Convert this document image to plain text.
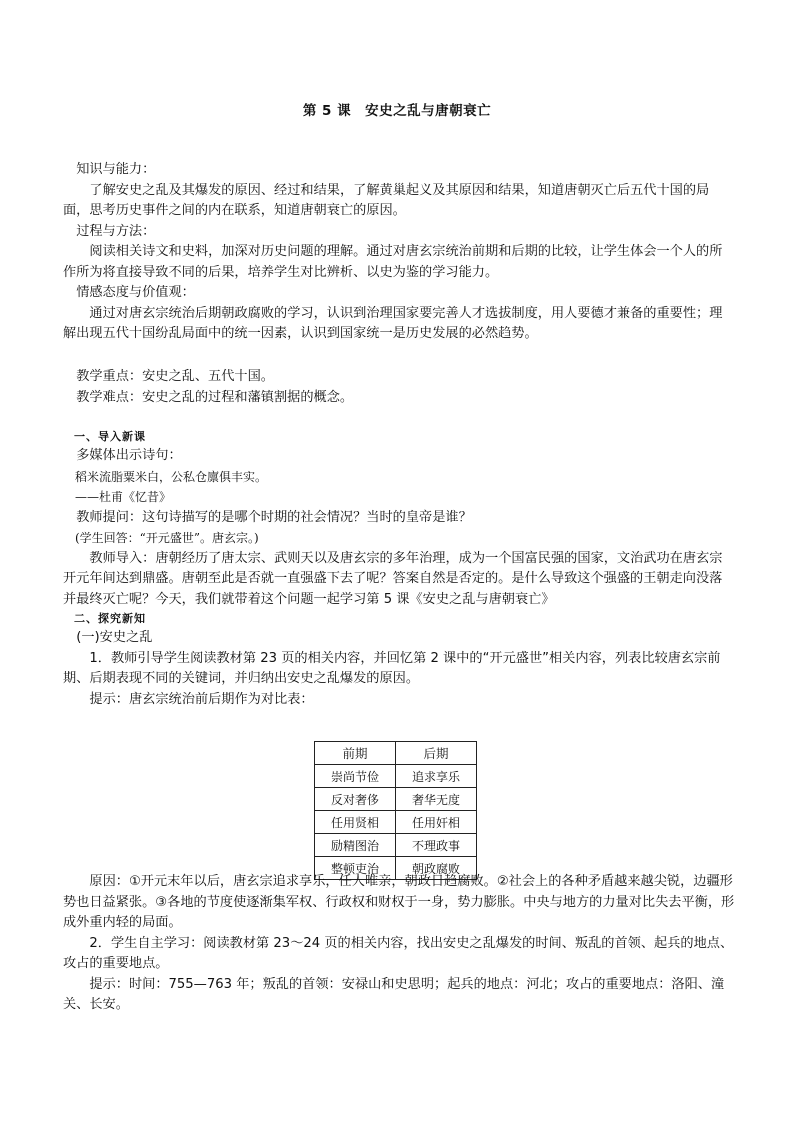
第 5 课　安史之乱与唐朝衰亡

知识与能力：

了解安史之乱及其爆发的原因、经过和结果，了解黄巢起义及其原因和结果，知道唐朝灭亡后五代十国的局面，思考历史事件之间的内在联系，知道唐朝衰亡的原因。

过程与方法：

阅读相关诗文和史料，加深对历史问题的理解。通过对唐玄宗统治前期和后期的比较，让学生体会一个人的所作所为将直接导致不同的后果，培养学生对比辨析、以史为鉴的学习能力。

情感态度与价值观：

通过对唐玄宗统治后期朝政腐败的学习，认识到治理国家要完善人才选拔制度，用人要德才兼备的重要性；理解出现五代十国纷乱局面中的统一因素，认识到国家统一是历史发展的必然趋势。

教学重点：安史之乱、五代十国。

教学难点：安史之乱的过程和藩镇割据的概念。

一、导入新课

多媒体出示诗句：

稻米流脂粟米白，公私仓廪俱丰实。

——杜甫《忆昔》

教师提问：这句诗描写的是哪个时期的社会情况？当时的皇帝是谁？

(学生回答：“开元盛世”。唐玄宗。)

教师导入：唐朝经历了唐太宗、武则天以及唐玄宗的多年治理，成为一个国富民强的国家，文治武功在唐玄宗开元年间达到鼎盛。唐朝至此是否就一直强盛下去了呢？答案自然是否定的。是什么导致这个强盛的王朝走向没落并最终灭亡呢？今天，我们就带着这个问题一起学习第 5 课《安史之乱与唐朝衰亡》

二、探究新知

(一)安史之乱

1．教师引导学生阅读教材第 23 页的相关内容，并回忆第 2 课中的“开元盛世”相关内容，列表比较唐玄宗前期、后期表现不同的关键词，并归纳出安史之乱爆发的原因。

提示：唐玄宗统治前后期作为对比表：

前期	后期
崇尚节俭	追求享乐
反对奢侈	奢华无度
任用贤相	任用奸相
励精图治	不理政事
整顿吏治	朝政腐败

原因：①开元末年以后，唐玄宗追求享乐，任人唯亲，朝政日趋腐败。②社会上的各种矛盾越来越尖锐，边疆形势也日益紧张。③各地的节度使逐渐集军权、行政权和财权于一身，势力膨胀。中央与地方的力量对比失去平衡，形成外重内轻的局面。

2．学生自主学习：阅读教材第 23～24 页的相关内容，找出安史之乱爆发的时间、叛乱的首领、起兵的地点、攻占的重要地点。

提示：时间：755—763 年；叛乱的首领：安禄山和史思明；起兵的地点：河北；攻占的重要地点：洛阳、潼关、长安。
